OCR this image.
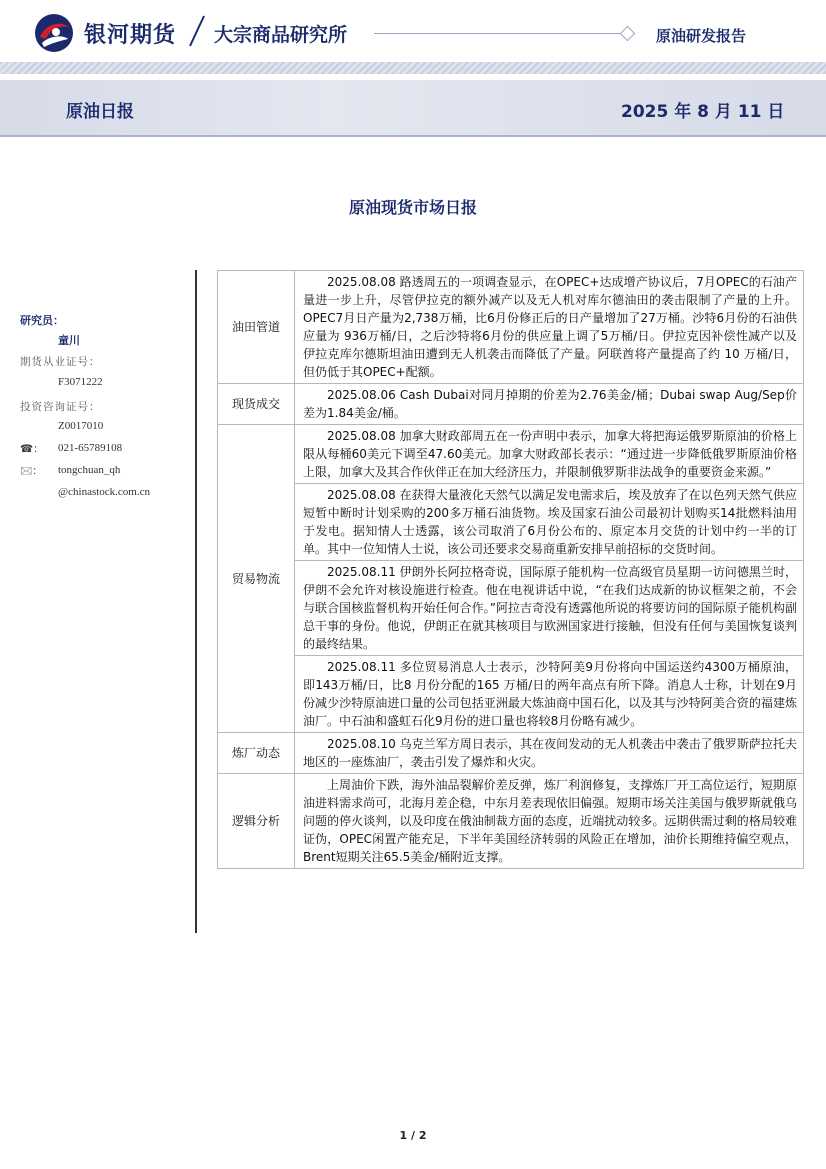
银河期货 大宗商品研究所	原油研发报告
原油日报	2025 年 8 月 11 日
原油现货市场日报
研究员：
童川
期货从业证号：
F3071222
投资咨询证号：
Z0017010
☎： 021-65789108
🖂： tongchuan_qh
@chinastock.com.cn
油田管道	2025.08.08 路透周五的一项调查显示，在OPEC+达成增产协议后，7月OPEC的石油产量进一步上升，尽管伊拉克的额外减产以及无人机对库尔德油田的袭击限制了产量的上升。OPEC7月日产量为2,738万桶，比6月份修正后的日产量增加了27万桶。沙特6月份的石油供应量为 936万桶/日，之后沙特将6月份的供应量上调了5万桶/日。伊拉克因补偿性减产以及伊拉克库尔德斯坦油田遭到无人机袭击而降低了产量。阿联酋将产量提高了约 10 万桶/日，但仍低于其OPEC+配额。

现货成交	2025.08.06 Cash Dubai对同月掉期的价差为2.76美金/桶；Dubai swap Aug/Sep价差为1.84美金/桶。

贸易物流	2025.08.08 加拿大财政部周五在一份声明中表示，加拿大将把海运俄罗斯原油的价格上限从每桶60美元下调至47.60美元。加拿大财政部长表示：“通过进一步降低俄罗斯原油价格上限，加拿大及其合作伙伴正在加大经济压力，并限制俄罗斯非法战争的重要资金来源。”

	2025.08.08 在获得大量液化天然气以满足发电需求后，埃及放弃了在以色列天然气供应短暂中断时计划采购的200多万桶石油货物。埃及国家石油公司最初计划购买14批燃料油用于发电。据知情人士透露，该公司取消了6月份公布的、原定本月交货的计划中约一半的订单。其中一位知情人士说，该公司还要求交易商重新安排早前招标的交货时间。

	2025.08.11 伊朗外长阿拉格奇说，国际原子能机构一位高级官员星期一访问德黑兰时，伊朗不会允许对核设施进行检查。他在电视讲话中说，“在我们达成新的协议框架之前，不会与联合国核监督机构开始任何合作。”阿拉吉奇没有透露他所说的将要访问的国际原子能机构副总干事的身份。他说，伊朗正在就其核项目与欧洲国家进行接触，但没有任何与美国恢复谈判的最终结果。

	2025.08.11 多位贸易消息人士表示，沙特阿美9月份将向中国运送约4300万桶原油，即143万桶/日，比8 月份分配的165 万桶/日的两年高点有所下降。消息人士称，计划在9月份减少沙特原油进口量的公司包括亚洲最大炼油商中国石化，以及其与沙特阿美合资的福建炼油厂。中石油和盛虹石化9月份的进口量也将较8月份略有减少。

炼厂动态	2025.08.10 乌克兰军方周日表示，其在夜间发动的无人机袭击中袭击了俄罗斯萨拉托夫地区的一座炼油厂，袭击引发了爆炸和火灾。

逻辑分析	上周油价下跌，海外油品裂解价差反弹，炼厂利润修复，支撑炼厂开工高位运行，短期原油进料需求尚可，北海月差企稳，中东月差表现依旧偏强。短期市场关注美国与俄罗斯就俄乌问题的停火谈判，以及印度在俄油制裁方面的态度，近端扰动较多。远期供需过剩的格局较难证伪，OPEC闲置产能充足，下半年美国经济转弱的风险正在增加，油价长期维持偏空观点，Brent短期关注65.5美金/桶附近支撑。

1 / 2
